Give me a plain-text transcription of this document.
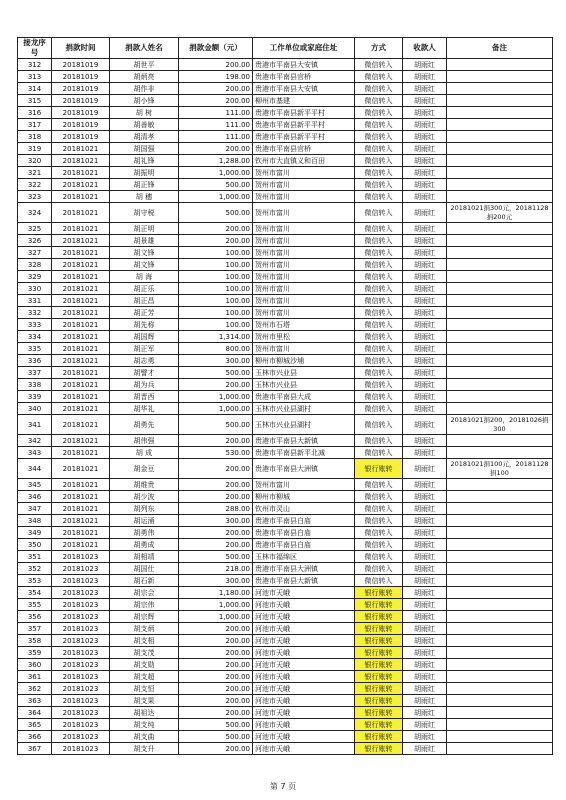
接龙序号	捐款时间	捐款人姓名	捐款金额（元）	工作单位或家庭住址	方式	收款人	备注
312	20181019	胡世平	200.00	贵港市平南县大安镇	微信转入	胡雨红	
313	20181019	胡炳亮	198.00	贵港市平南县官桥	微信转入	胡雨红	
314	20181019	胡作非	200.00	贵港市平南县大安镇	微信转入	胡雨红	
315	20181019	胡小锋	200.00	柳州市基建	微信转入	胡雨红	
316	20181019	胡 树	111.00	贵港市平南县新平平村	微信转入	胡雨红	
317	20181019	胡善敏	111.00	贵港市平南县新平平村	微信转入	胡雨红	
318	20181019	胡清孝	111.00	贵港市平南县新平平村	微信转入	胡雨红	
319	20181021	胡国强	200.00	贵港市平南县官桥	微信转入	胡雨红	
320	20181021	胡礼锋	1,288.00	钦州市大直镇义和百田	微信转入	胡雨红	
321	20181021	胡振明	1,000.00	贺州市富川	微信转入	胡雨红	
322	20181021	胡正锋	500.00	贺州市富川	微信转入	胡雨红	
323	20181021	胡 穗	1,000.00	贺州市富川	微信转入	胡雨红	
324	20181021	胡守税	500.00	贺州市富川	微信转入	胡雨红	20181021捐300元，20181128捐200元
325	20181021	胡正明	200.00	贺州市富川	微信转入	胡雨红	
326	20181021	胡景雄	200.00	贺州市富川	微信转入	胡雨红	
327	20181021	胡文锋	100.00	贺州市富川	微信转入	胡雨红	
328	20181021	胡文锋	100.00	贺州市富川	微信转入	胡雨红	
329	20181021	胡 海	100.00	贺州市富川	微信转入	胡雨红	
330	20181021	胡正乐	100.00	贺州市富川	微信转入	胡雨红	
331	20181021	胡正昌	100.00	贺州市富川	微信转入	胡雨红	
332	20181021	胡正芳	100.00	贺州市富川	微信转入	胡雨红	
333	20181021	胡先称	100.00	贺州市石塔	微信转入	胡雨红	
334	20181021	胡国辉	1,314.00	贺州市里松	微信转入	胡雨红	
335	20181021	胡正军	800.00	贺州市富川	微信转入	胡雨红	
336	20181021	胡志勇	300.00	柳州市柳城沙埔	微信转入	胡雨红	
337	20181021	胡譬才	500.00	玉林市兴业县	微信转入	胡雨红	
338	20181021	胡为兵	200.00	玉林市兴业县	微信转入	胡雨红	
339	20181021	胡晋西	1,000.00	贵港市平南县大成	微信转入	胡雨红	
340	20181021	胡华礼	1,000.00	玉林市兴业县湖村	微信转入	胡雨红	
341	20181021	胡勇先	500.00	玉林市兴业县湖村	微信转入	胡雨红	20181021捐200，20181026捐300
342	20181021	胡伟强	200.00	贵港市平南县大新镇	微信转入	胡雨红	
343	20181021	胡 成	530.00	贵港市平南县新平北减	微信转入	胡雨红	
344	20181021	胡金豆	200.00	贵港市平南县大洲镇	银行账转	胡雨红	20181021捐100元，20181128捐100
345	20181021	胡维贵	200.00	贺州市富川	微信转入	胡雨红	
346	20181021	胡少波	200.00	柳州市柳城	微信转入	胡雨红	
347	20181021	胡列东	288.00	钦州市灵山	微信转入	胡雨红	
348	20181021	胡运涌	300.00	贵港市平南县白庙	微信转入	胡雨红	
349	20181021	胡勇伟	200.00	贵港市平南县白庙	微信转入	胡雨红	
350	20181021	胡勇成	200.00	贵港市平南县白庙	微信转入	胡雨红	
351	20181023	胡相靖	500.00	玉林市福绵区	微信转入	胡雨红	
352	20181023	胡国仕	218.00	贵港市平南县大洲镇	微信转入	胡雨红	
353	20181023	胡石新	300.00	贵港市平南县大新镇	微信转入	胡雨红	
354	20181023	胡宗会	1,180.00	河池市天峨	银行账转	胡雨红	
355	20181023	胡宗伟	1,000.00	河池市天峨	银行账转	胡雨红	
356	20181023	胡宗辉	1,000.00	河池市天峨	银行账转	胡雨红	
357	20181023	胡支炳	200.00	河池市天峨	银行账转	胡雨红	
358	20181023	胡支相	200.00	河池市天峨	银行账转	胡雨红	
359	20181023	胡支茂	200.00	河池市天峨	银行账转	胡雨红	
360	20181023	胡支勋	200.00	河池市天峨	银行账转	胡雨红	
361	20181023	胡支超	200.00	河池市天峨	银行账转	胡雨红	
362	20181023	胡支恒	200.00	河池市天峨	银行账转	胡雨红	
363	20181023	胡支果	200.00	河池市天峨	银行账转	胡雨红	
364	20181023	胡祖达	200.00	河池市天峨	银行账转	胡雨红	
365	20181023	胡支纯	500.00	河池市天峨	银行账转	胡雨红	
366	20181023	胡支曲	500.00	河池市天峨	银行账转	胡雨红	
367	20181023	胡支升	200.00	河池市天峨	银行账转	胡雨红	
第 7 页
